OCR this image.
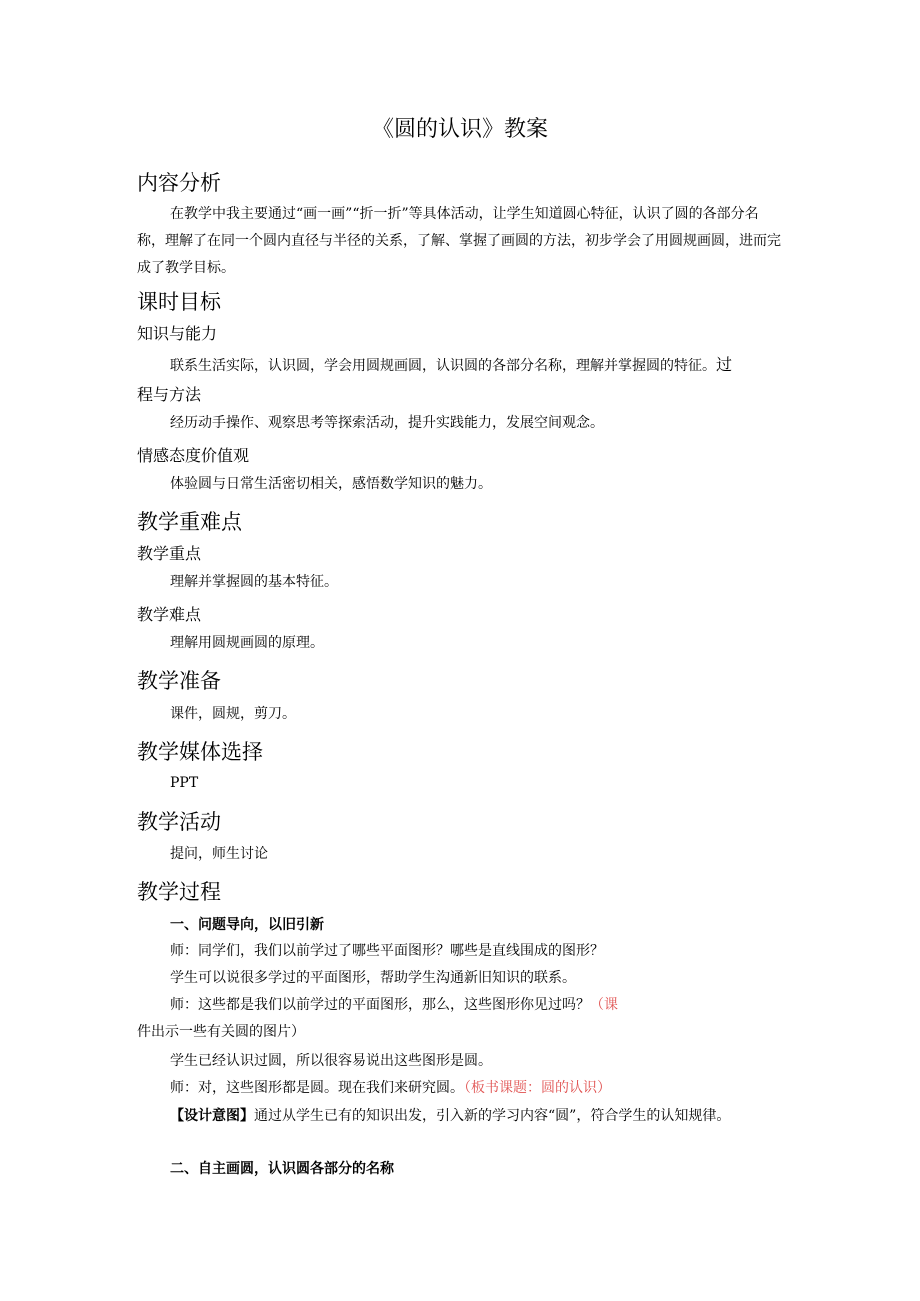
《圆的认识》教案
内容分析
在教学中我主要通过“画一画”“折一折”等具体活动，让学生知道圆心特征，认识了圆的各部分名称，理解了在同一个圆内直径与半径的关系，了解、掌握了画圆的方法，初步学会了用圆规画圆，进而完成了教学目标。
课时目标
知识与能力
联系生活实际，认识圆，学会用圆规画圆，认识圆的各部分名称，理解并掌握圆的特征。过
程与方法
经历动手操作、观察思考等探索活动，提升实践能力，发展空间观念。
情感态度价值观
体验圆与日常生活密切相关，感悟数学知识的魅力。
教学重难点
教学重点
理解并掌握圆的基本特征。
教学难点
理解用圆规画圆的原理。
教学准备
课件，圆规，剪刀。
教学媒体选择
PPT
教学活动
提问，师生讨论
教学过程
一、问题导向，以旧引新
师：同学们，我们以前学过了哪些平面图形？哪些是直线围成的图形？
学生可以说很多学过的平面图形，帮助学生沟通新旧知识的联系。
师：这些都是我们以前学过的平面图形，那么，这些图形你见过吗？（课件出示一些有关圆的图片）
学生已经认识过圆，所以很容易说出这些图形是圆。
师：对，这些图形都是圆。现在我们来研究圆。（板书课题：圆的认识）
【设计意图】通过从学生已有的知识出发，引入新的学习内容“圆”，符合学生的认知规律。
二、自主画圆，认识圆各部分的名称
